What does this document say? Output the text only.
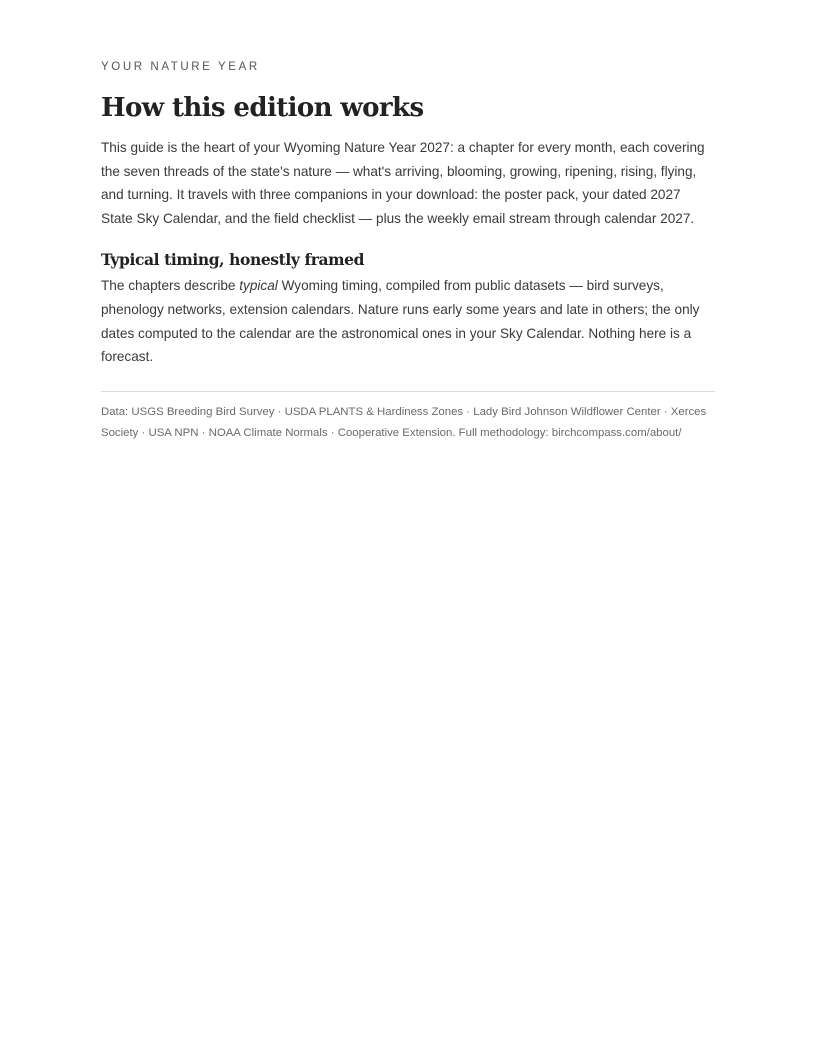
YOUR NATURE YEAR

How this edition works

This guide is the heart of your Wyoming Nature Year 2027: a chapter for every month, each covering the seven threads of the state's nature — what's arriving, blooming, growing, ripening, rising, flying, and turning. It travels with three companions in your download: the poster pack, your dated 2027 State Sky Calendar, and the field checklist — plus the weekly email stream through calendar 2027.

Typical timing, honestly framed

The chapters describe typical Wyoming timing, compiled from public datasets — bird surveys, phenology networks, extension calendars. Nature runs early some years and late in others; the only dates computed to the calendar are the astronomical ones in your Sky Calendar. Nothing here is a forecast.

Data: USGS Breeding Bird Survey · USDA PLANTS & Hardiness Zones · Lady Bird Johnson Wildflower Center · Xerces Society · USA NPN · NOAA Climate Normals · Cooperative Extension. Full methodology: birchcompass.com/about/
